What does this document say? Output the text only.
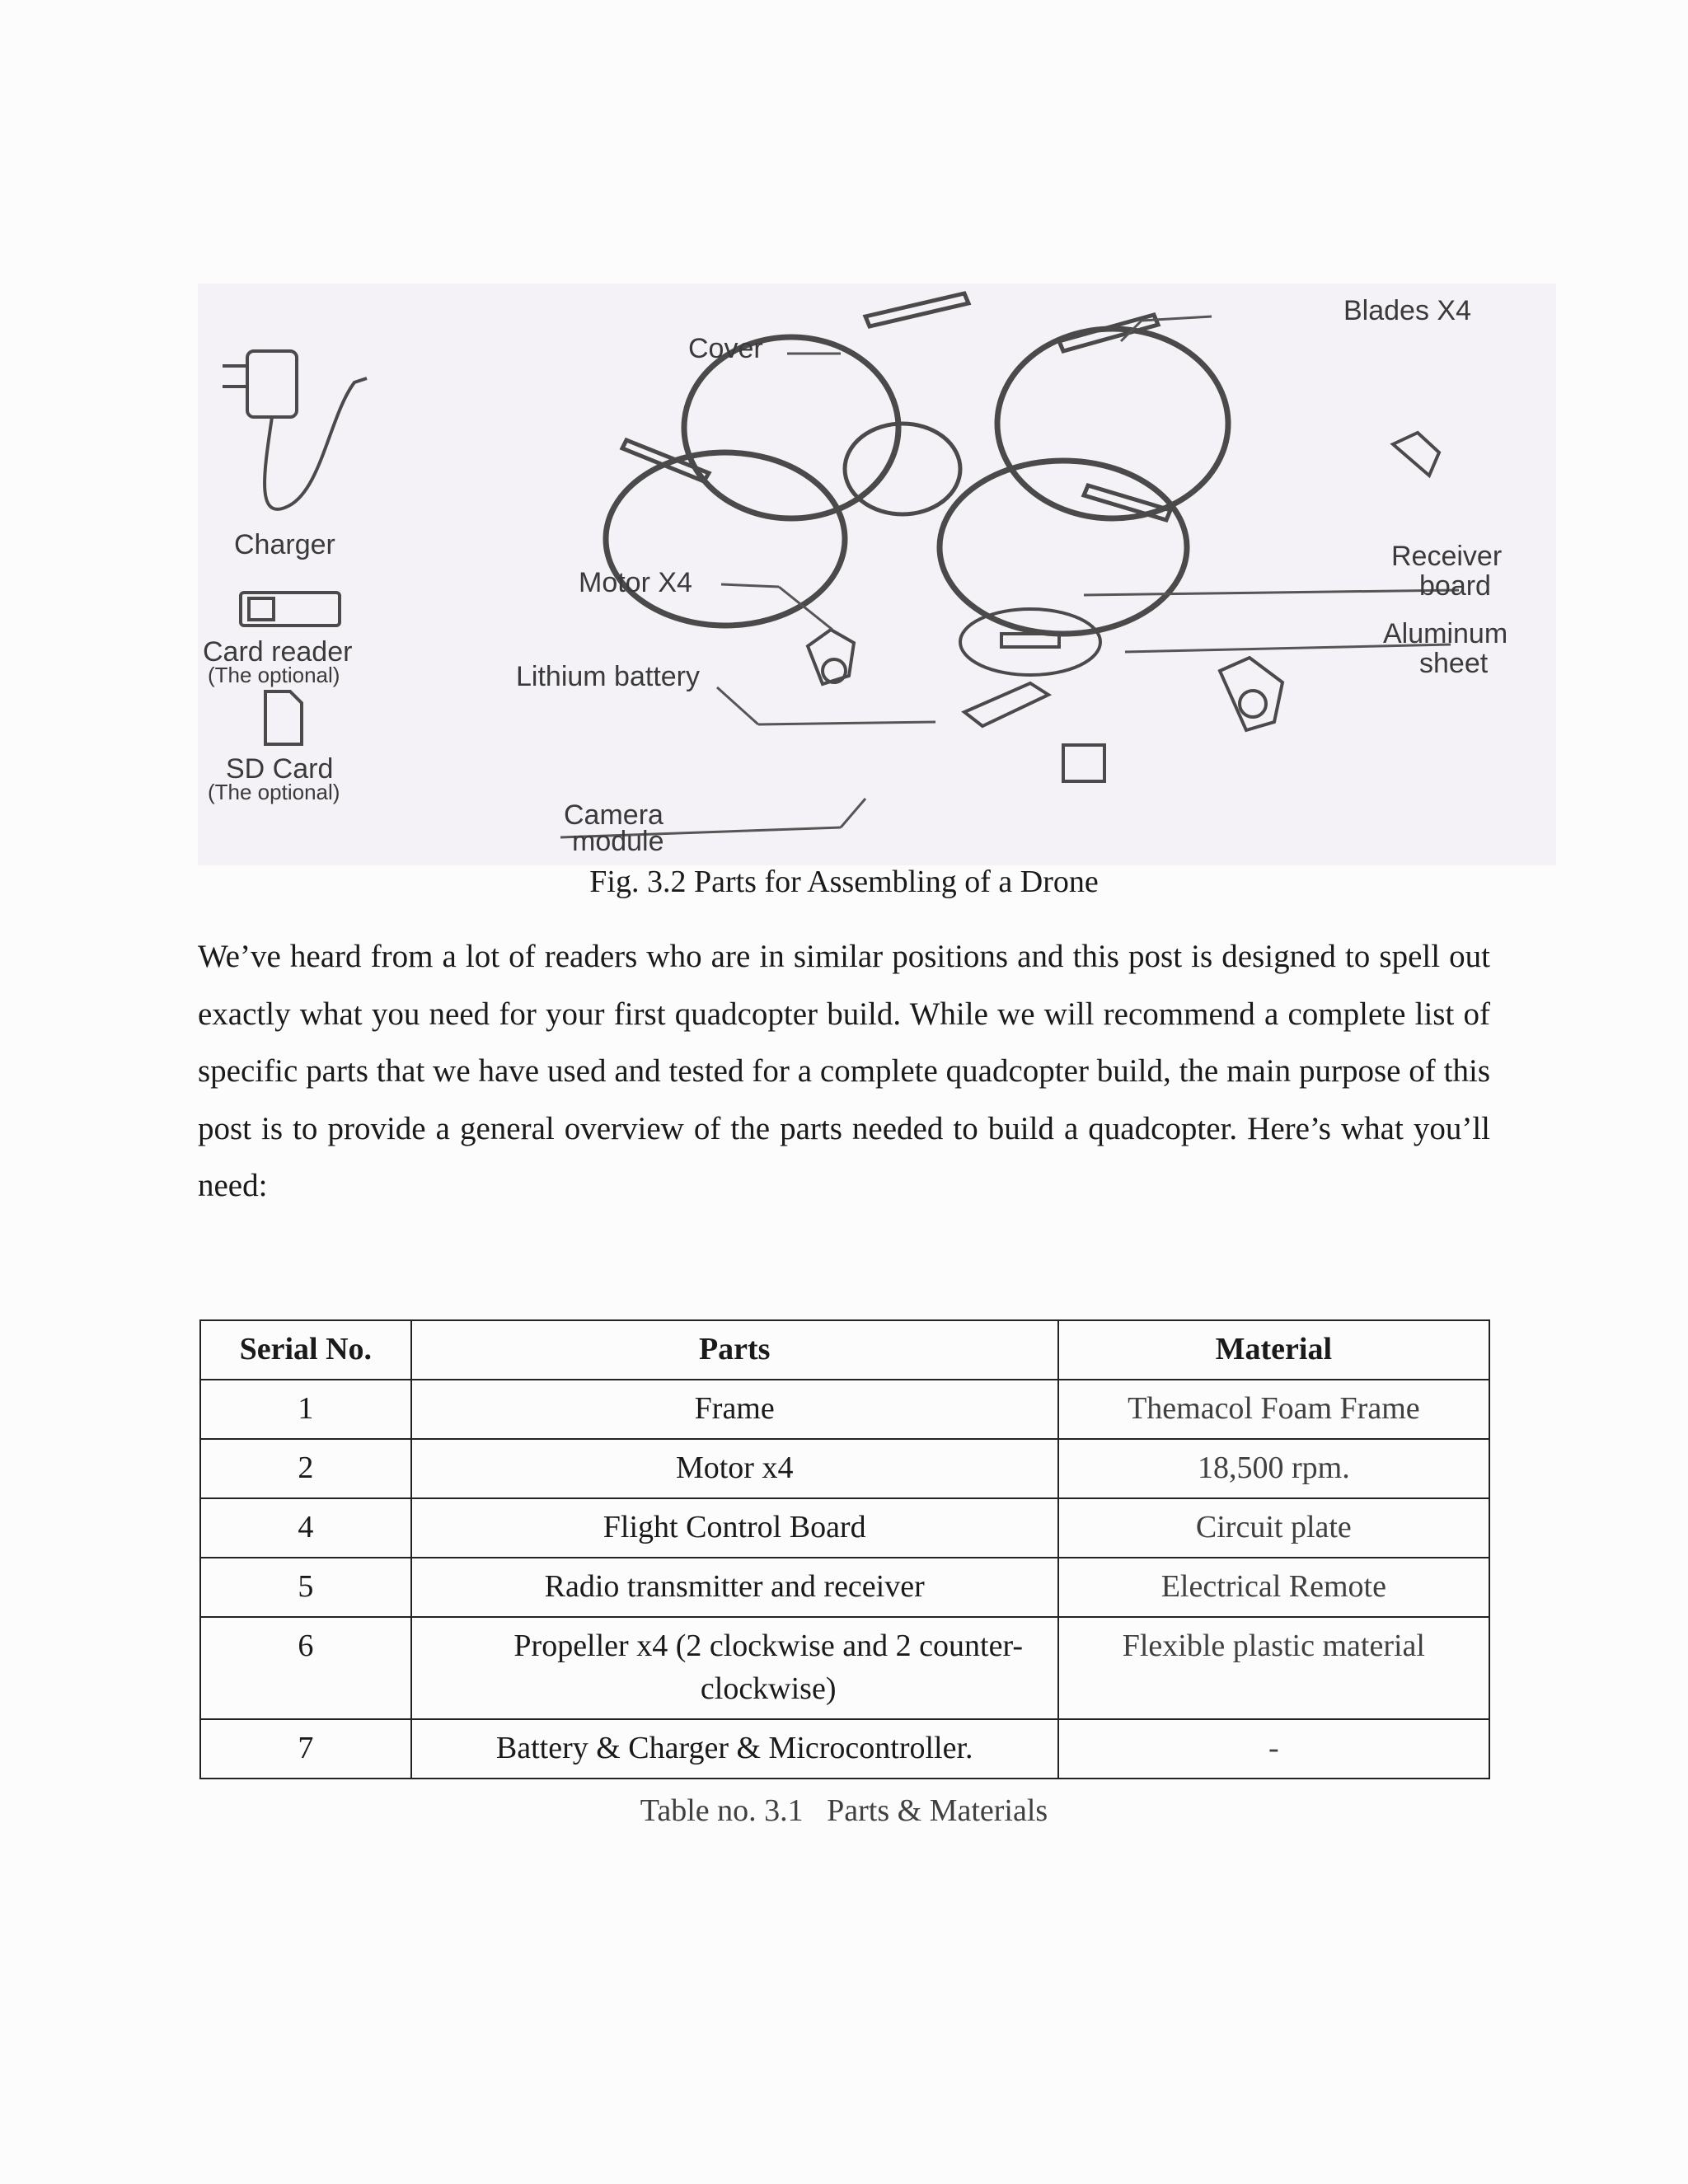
Cover
Blades X4
Charger
Card reader
(The optional)
SD Card
(The optional)
Motor X4
Lithium battery
Receiver
board
Aluminum
sheet
Camera
module
Fig. 3.2 Parts for Assembling of a Drone

We’ve heard from a lot of readers who are in similar positions and this post is designed to spell out exactly what you need for your first quadcopter build. While we will recommend a complete list of specific parts that we have used and tested for a complete quadcopter build, the main purpose of this post is to provide a general overview of the parts needed to build a quadcopter. Here’s what you’ll need:

Serial No.	Parts	Material
1	Frame	Themacol Foam Frame
2	Motor x4	18,500 rpm.
4	Flight Control Board	Circuit plate
5	Radio transmitter and receiver	Electrical Remote
6	Propeller x4 (2 clockwise and 2 counter-clockwise)	Flexible plastic material
7	Battery & Charger & Microcontroller.	-
Table no. 3.1   Parts & Materials
